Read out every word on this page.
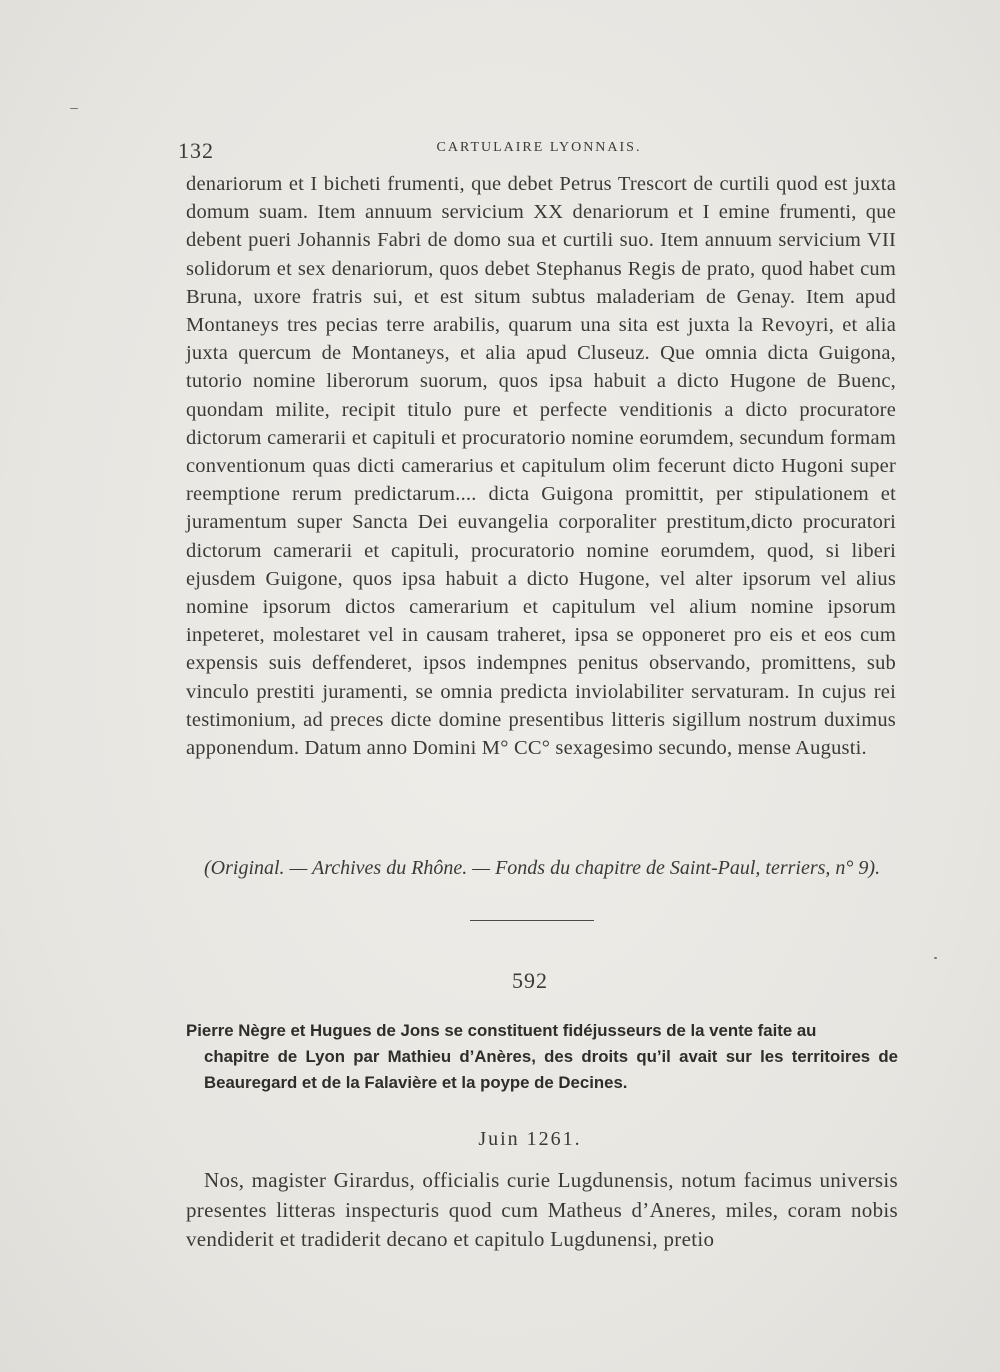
132	CARTULAIRE LYONNAIS.

denariorum et I bicheti frumenti, que debet Petrus Trescort de curtili quod est juxta domum suam. Item annuum servicium XX denariorum et I emine frumenti, que debent pueri Johannis Fabri de domo sua et curtili suo. Item annuum servicium VII solidorum et sex denariorum, quos debet Stephanus Regis de prato, quod habet cum Bruna, uxore fratris sui, et est situm subtus maladeriam de Genay. Item apud Montaneys tres pecias terre arabilis, quarum una sita est juxta la Revoyri, et alia juxta quercum de Montaneys, et alia apud Cluseuz. Que omnia dicta Guigona, tutorio nomine liberorum suorum, quos ipsa habuit a dicto Hugone de Buenc, quondam milite, recipit titulo pure et perfecte venditionis a dicto procuratore dictorum camerarii et capituli et procuratorio nomine eorumdem, secundum formam conventionum quas dicti camerarius et capitulum olim fecerunt dicto Hugoni super reemptione rerum predictarum.... dicta Guigona promittit, per stipulationem et juramentum super Sancta Dei euvangelia corporaliter prestitum,dicto procuratori dictorum camerarii et capituli, procuratorio nomine eorumdem, quod, si liberi ejusdem Guigone, quos ipsa habuit a dicto Hugone, vel alter ipsorum vel alius nomine ipsorum dictos camerarium et capitulum vel alium nomine ipsorum inpeteret, molestaret vel in causam traheret, ipsa se opponeret pro eis et eos cum expensis suis deffenderet, ipsos indempnes penitus observando, promittens, sub vinculo prestiti juramenti, se omnia predicta inviolabiliter servaturam. In cujus rei testimonium, ad preces dicte domine presentibus litteris sigillum nostrum duximus apponendum. Datum anno Domini M° CC° sexagesimo secundo, mense Augusti.

(Original. — Archives du Rhône. — Fonds du chapitre de Saint-Paul, terriers, n° 9).
592

Pierre Nègre et Hugues de Jons se constituent fidéjusseurs de la vente faite au

chapitre de Lyon par Mathieu d’Anères, des droits qu’il avait sur les territoires de Beauregard et de la Falavière et la poype de Decines.

Juin 1261.
Nos, magister Girardus, officialis curie Lugdunensis, notum facimus universis presentes litteras inspecturis quod cum Matheus d’Aneres, miles, coram nobis vendiderit et tradiderit decano et capitulo Lugdunensi, pretio
